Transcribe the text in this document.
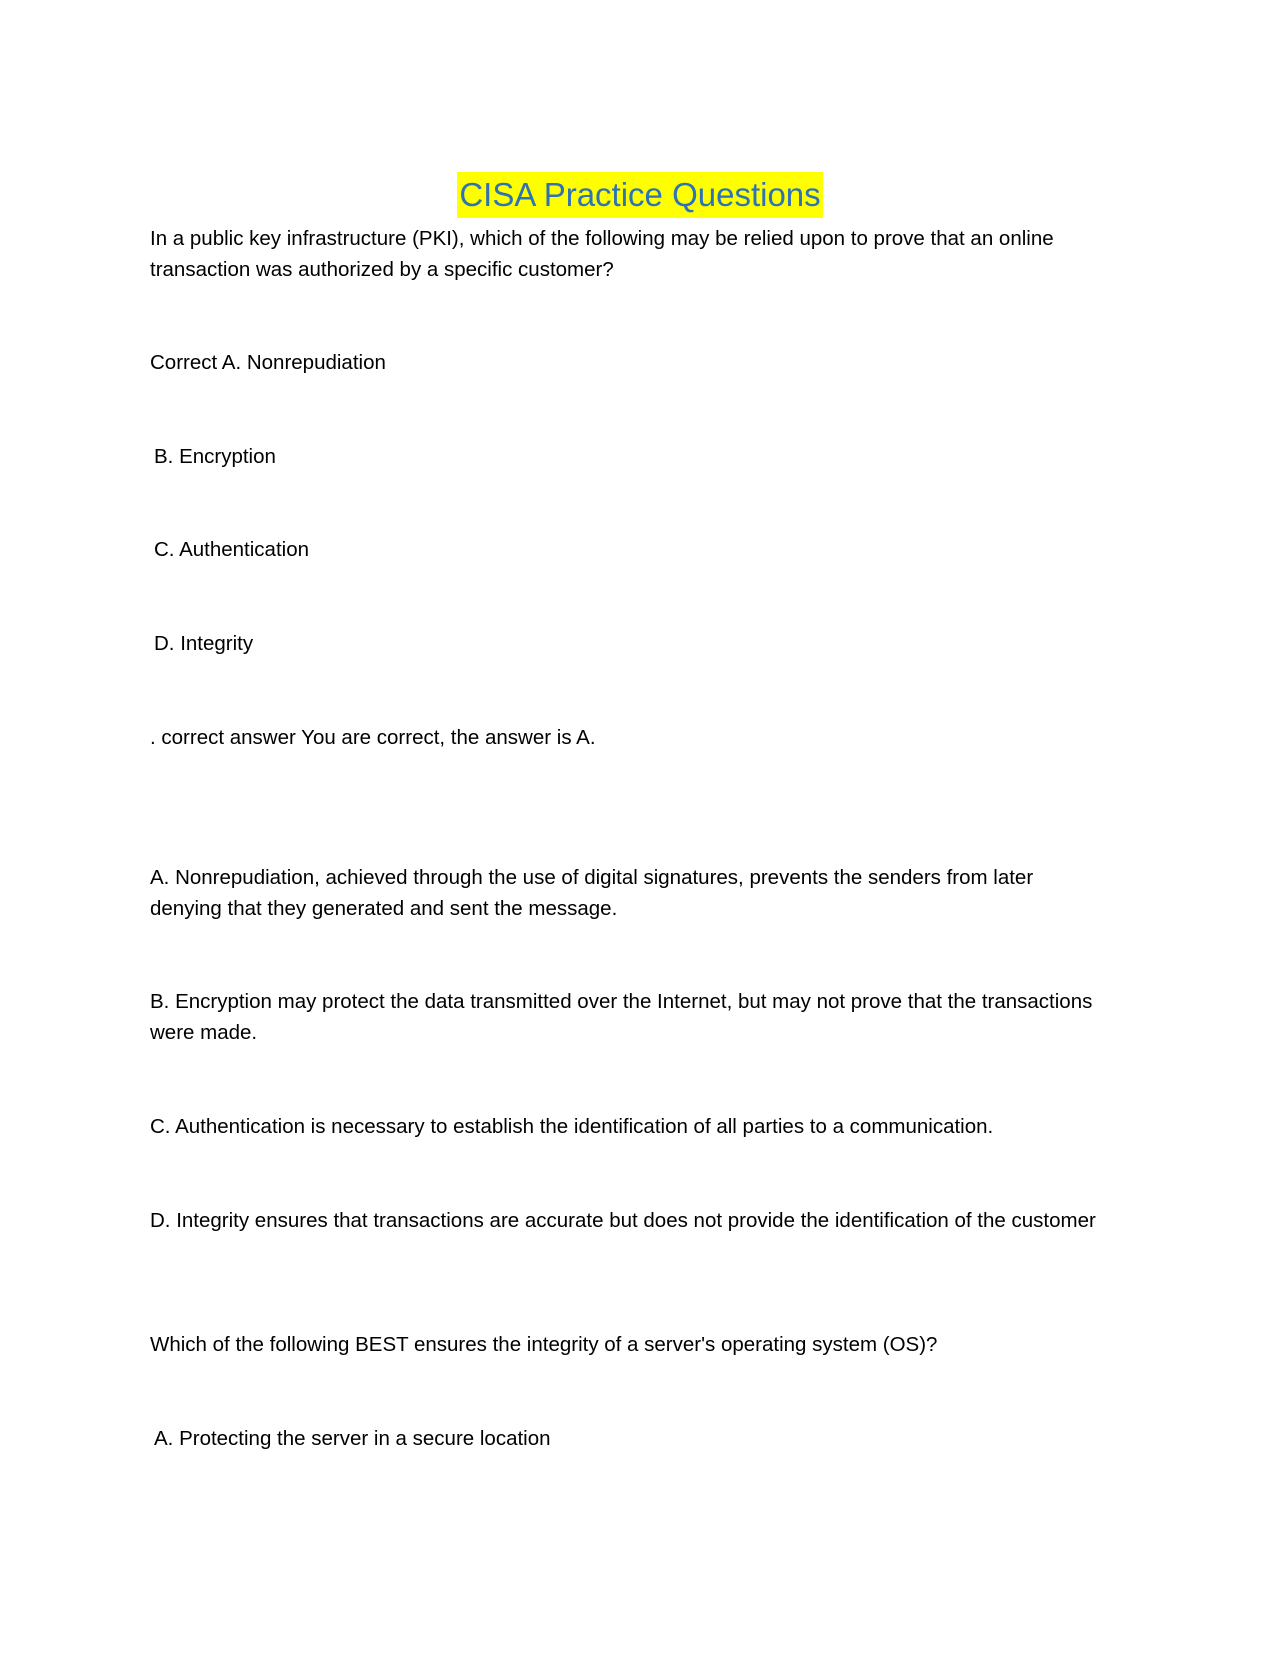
CISA Practice Questions

In a public key infrastructure (PKI), which of the following may be relied upon to prove that an online transaction was authorized by a specific customer?

Correct A. Nonrepudiation

B. Encryption

C. Authentication

D. Integrity

. correct answer You are correct, the answer is A.

A. Nonrepudiation, achieved through the use of digital signatures, prevents the senders from later denying that they generated and sent the message.

B. Encryption may protect the data transmitted over the Internet, but may not prove that the transactions were made.

C. Authentication is necessary to establish the identification of all parties to a communication.

D. Integrity ensures that transactions are accurate but does not provide the identification of the customer

Which of the following BEST ensures the integrity of a server's operating system (OS)?

A. Protecting the server in a secure location
